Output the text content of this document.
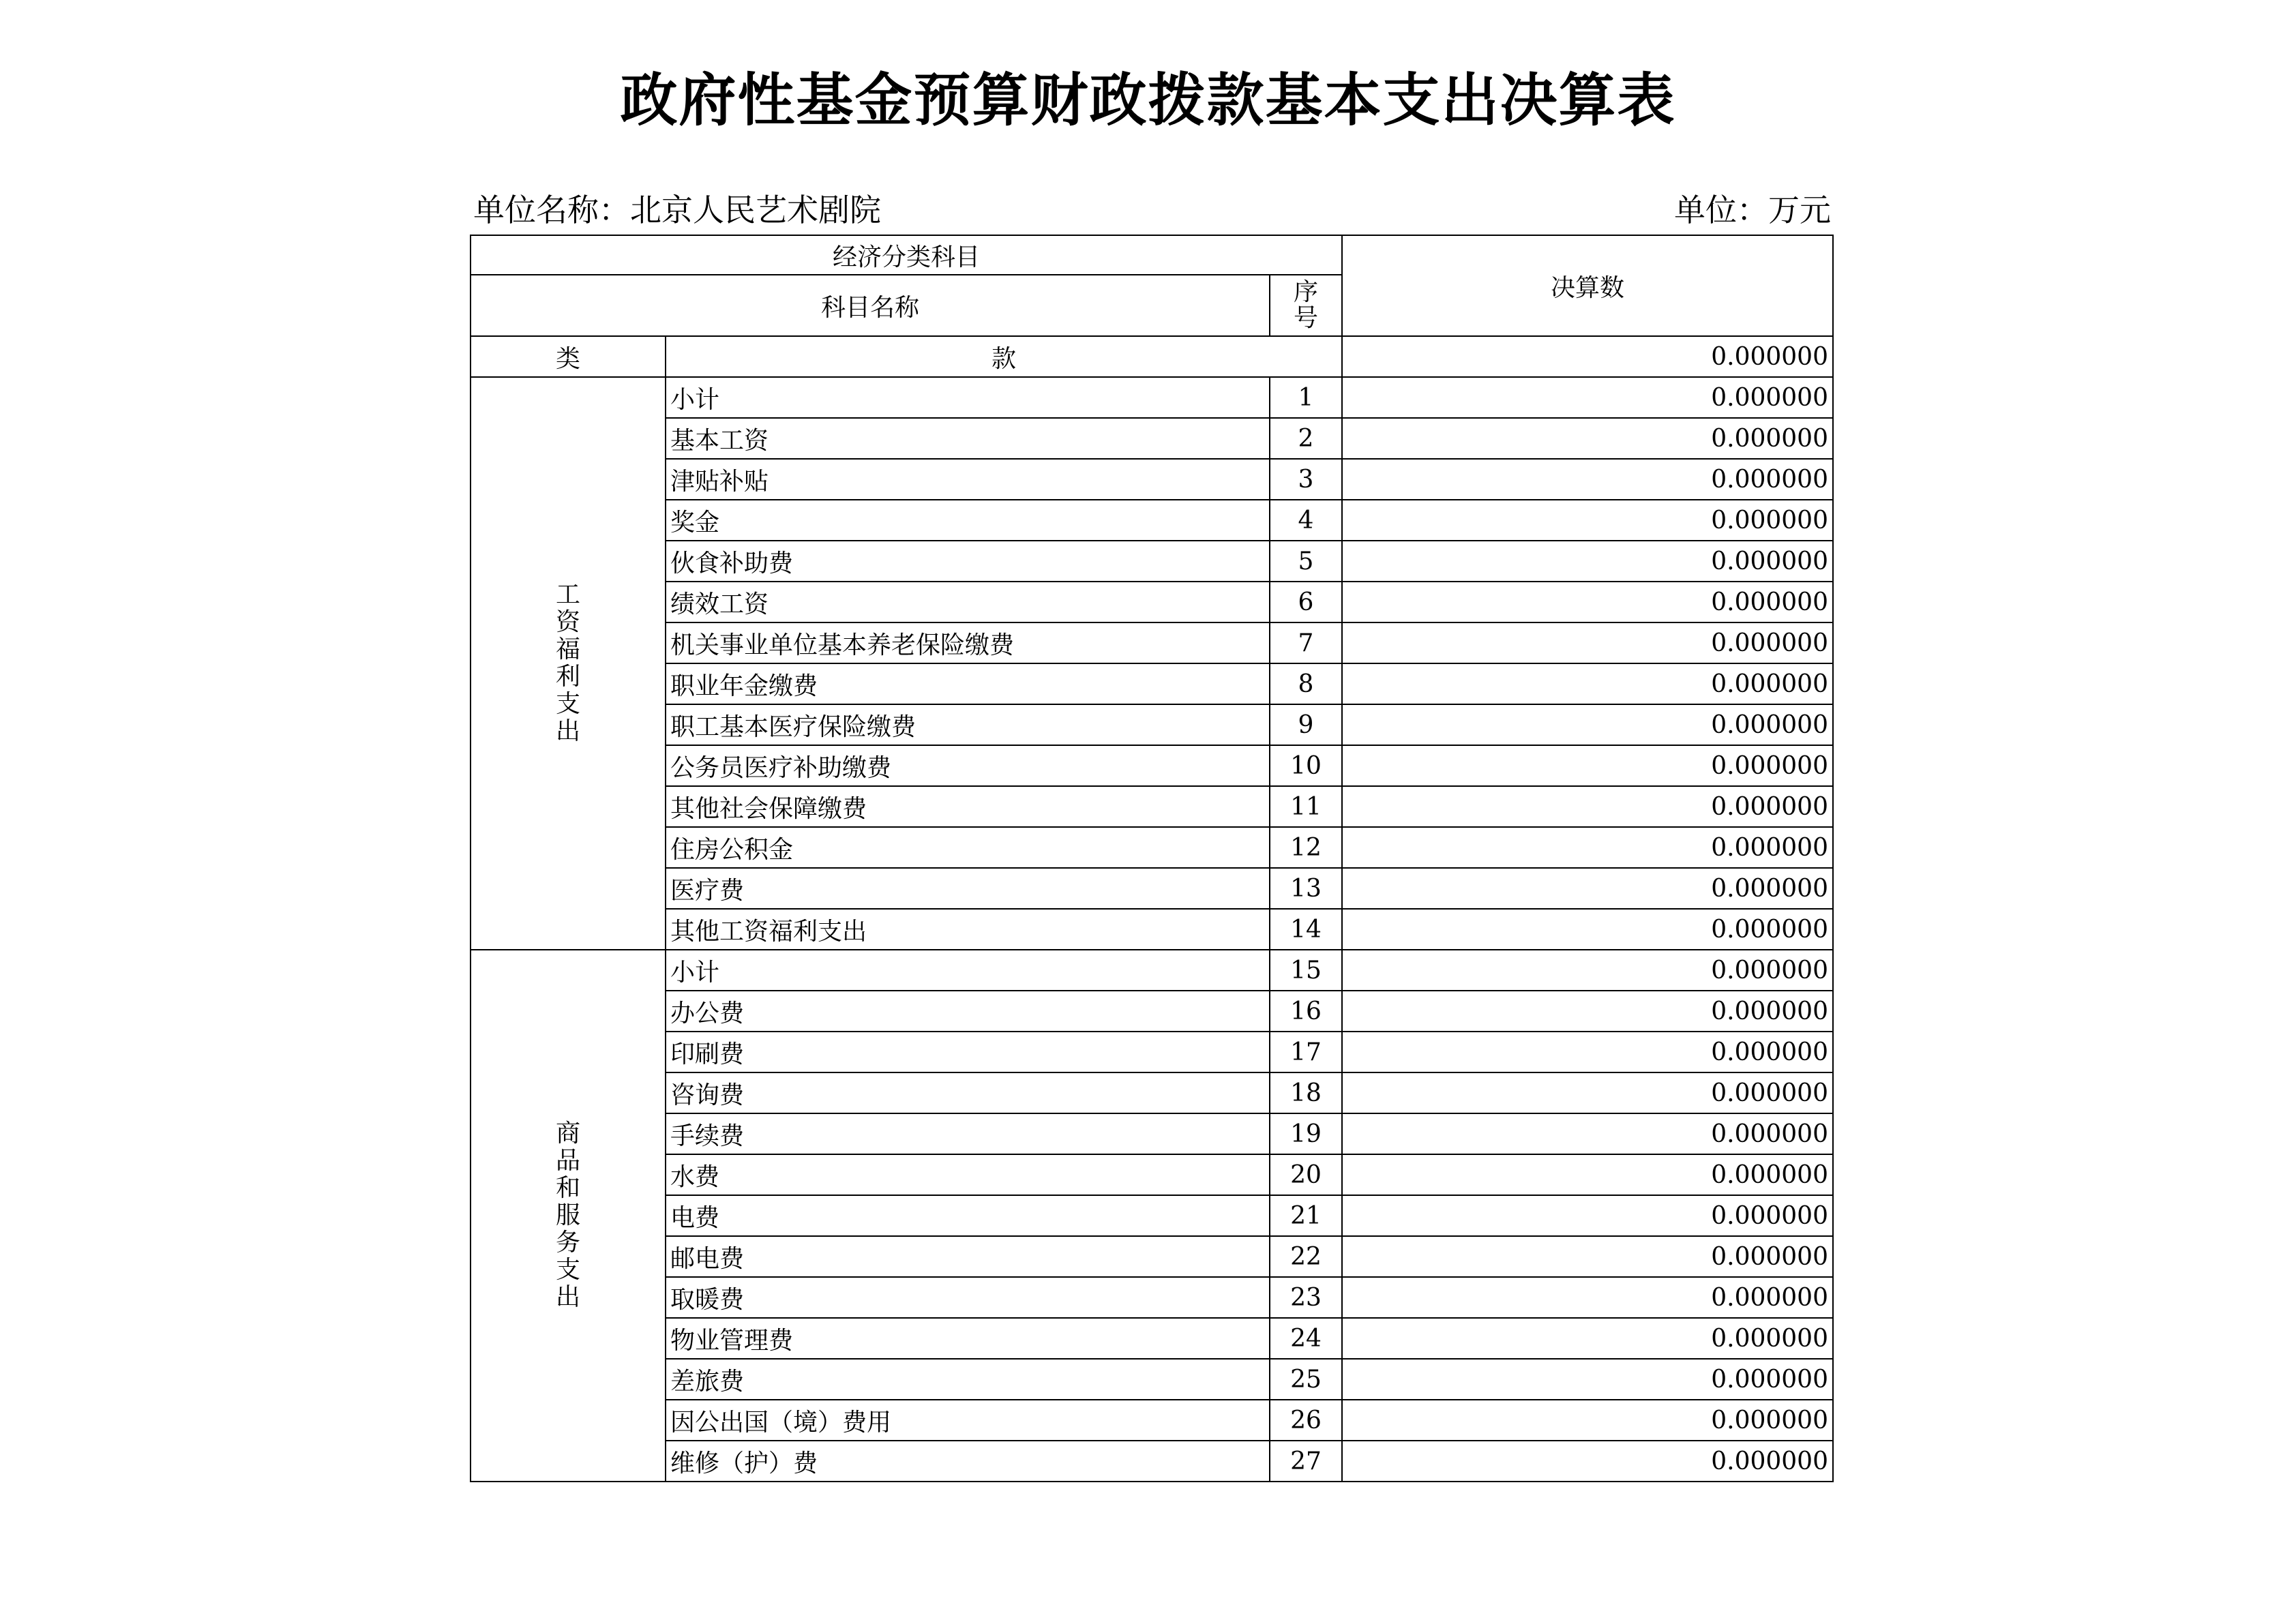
政府性基金预算财政拨款基本支出决算表
单位名称：北京人民艺术剧院	单位：万元
经济分类科目			决算数
科目名称		序
号	

类	款		0.000000
工资福利支出	小计	1	0.000000
	基本工资	2	0.000000
	津贴补贴	3	0.000000
	奖金	4	0.000000
	伙食补助费	5	0.000000
	绩效工资	6	0.000000
	机关事业单位基本养老保险缴费	7	0.000000
	职业年金缴费	8	0.000000
	职工基本医疗保险缴费	9	0.000000
	公务员医疗补助缴费	10	0.000000
	其他社会保障缴费	11	0.000000
	住房公积金	12	0.000000
	医疗费	13	0.000000
	其他工资福利支出	14	0.000000
商品和服务支出	小计	15	0.000000
	办公费	16	0.000000
	印刷费	17	0.000000
	咨询费	18	0.000000
	手续费	19	0.000000
	水费	20	0.000000
	电费	21	0.000000
	邮电费	22	0.000000
	取暖费	23	0.000000
	物业管理费	24	0.000000
	差旅费	25	0.000000
	因公出国（境）费用	26	0.000000
	维修（护）费	27	0.000000
